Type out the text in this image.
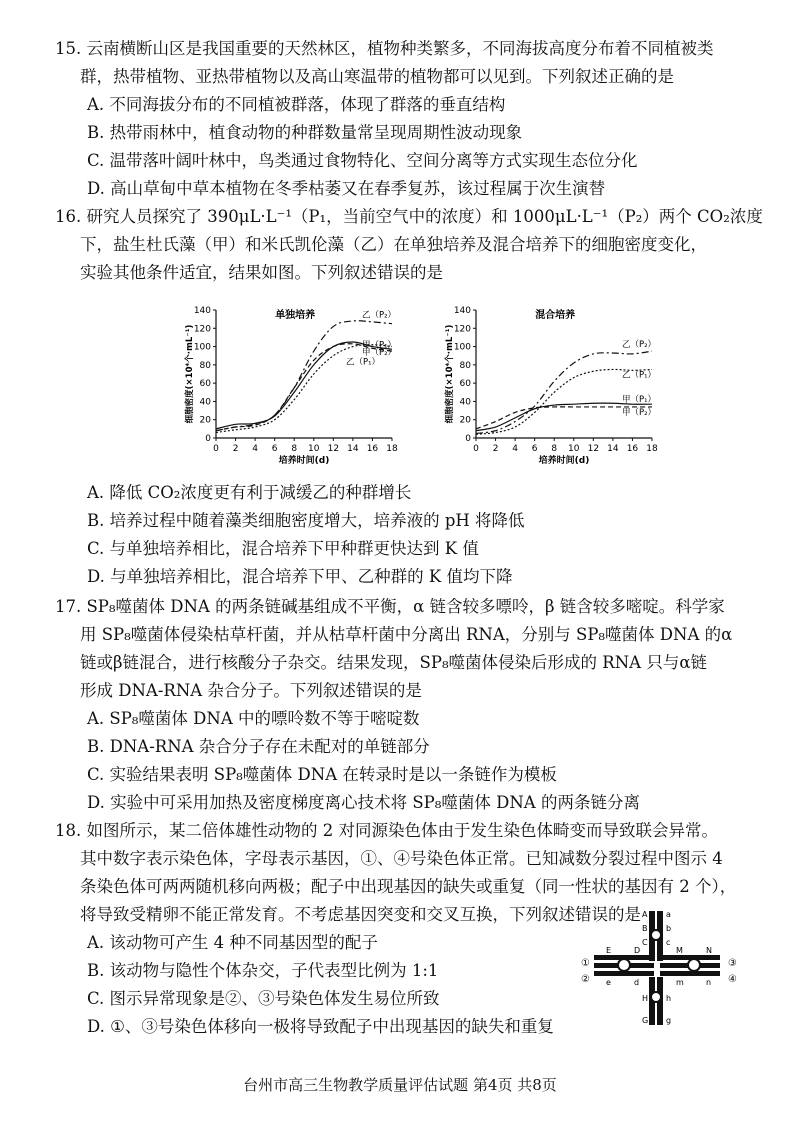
15. 云南横断山区是我国重要的天然林区，植物种类繁多，不同海拔高度分布着不同植被类
群，热带植物、亚热带植物以及高山寒温带的植物都可以见到。下列叙述正确的是
A. 不同海拔分布的不同植被群落，体现了群落的垂直结构
B. 热带雨林中，植食动物的种群数量常呈现周期性波动现象
C. 温带落叶阔叶林中，鸟类通过食物特化、空间分离等方式实现生态位分化
D. 高山草甸中草本植物在冬季枯萎又在春季复苏，该过程属于次生演替
16. 研究人员探究了 390μL·L⁻¹（P₁，当前空气中的浓度）和 1000μL·L⁻¹（P₂）两个 CO₂浓度
下，盐生杜氏藻（甲）和米氏凯伦藻（乙）在单独培养及混合培养下的细胞密度变化，
实验其他条件适宜，结果如图。下列叙述错误的是
单独培养
0
20
40
60
80
100
120
140
0 2 4 6 8 10 12 14 16 18
培养时间(d)
细胞密度(×10⁴个·mL⁻¹)
乙（P₂）
甲（P₁）
甲（P₂）
乙（P₁）
混合培养
0
20
40
60
80
100
120
140
0 2 4 6 8 10 12 14 16 18
培养时间(d)
细胞密度(×10⁴个·mL⁻¹)	乙（P₂）
乙（P₁）
甲（P₁）
甲（P₂）
A. 降低 CO₂浓度更有利于减缓乙的种群增长
B. 培养过程中随着藻类细胞密度增大，培养液的 pH 将降低
C. 与单独培养相比，混合培养下甲种群更快达到 K 值
D. 与单独培养相比，混合培养下甲、乙种群的 K 值均下降
17. SP₈噬菌体 DNA 的两条链碱基组成不平衡，α 链含较多嘌呤，β 链含较多嘧啶。科学家
用 SP₈噬菌体侵染枯草杆菌，并从枯草杆菌中分离出 RNA，分别与 SP₈噬菌体 DNA 的α
链或β链混合，进行核酸分子杂交。结果发现，SP₈噬菌体侵染后形成的 RNA 只与α链
形成 DNA-RNA 杂合分子。下列叙述错误的是
A. SP₈噬菌体 DNA 中的嘌呤数不等于嘧啶数
B. DNA-RNA 杂合分子存在未配对的单链部分
C. 实验结果表明 SP₈噬菌体 DNA 在转录时是以一条链作为模板
D. 实验中可采用加热及密度梯度离心技术将 SP₈噬菌体 DNA 的两条链分离
18. 如图所示，某二倍体雄性动物的 2 对同源染色体由于发生染色体畸变而导致联会异常。
其中数字表示染色体，字母表示基因，①、④号染色体正常。已知减数分裂过程中图示 4
条染色体可两两随机移向两极；配子中出现基因的缺失或重复（同一性状的基因有 2 个），
将导致受精卵不能正常发育。不考虑基因突变和交叉互换，下列叙述错误的是
A. 该动物可产生 4 种不同基因型的配子
B. 该动物与隐性个体杂交，子代表型比例为 1:1
C. 图示异常现象是②、③号染色体发生易位所致
D. ①、③号染色体移向一极将导致配子中出现基因的缺失和重复
①
②
③
④
A
B
C
a
b
c
E	D
e	d
M	N
m	n
H
G
h
g
台州市高三生物教学质量评估试题 第4页 共8页
